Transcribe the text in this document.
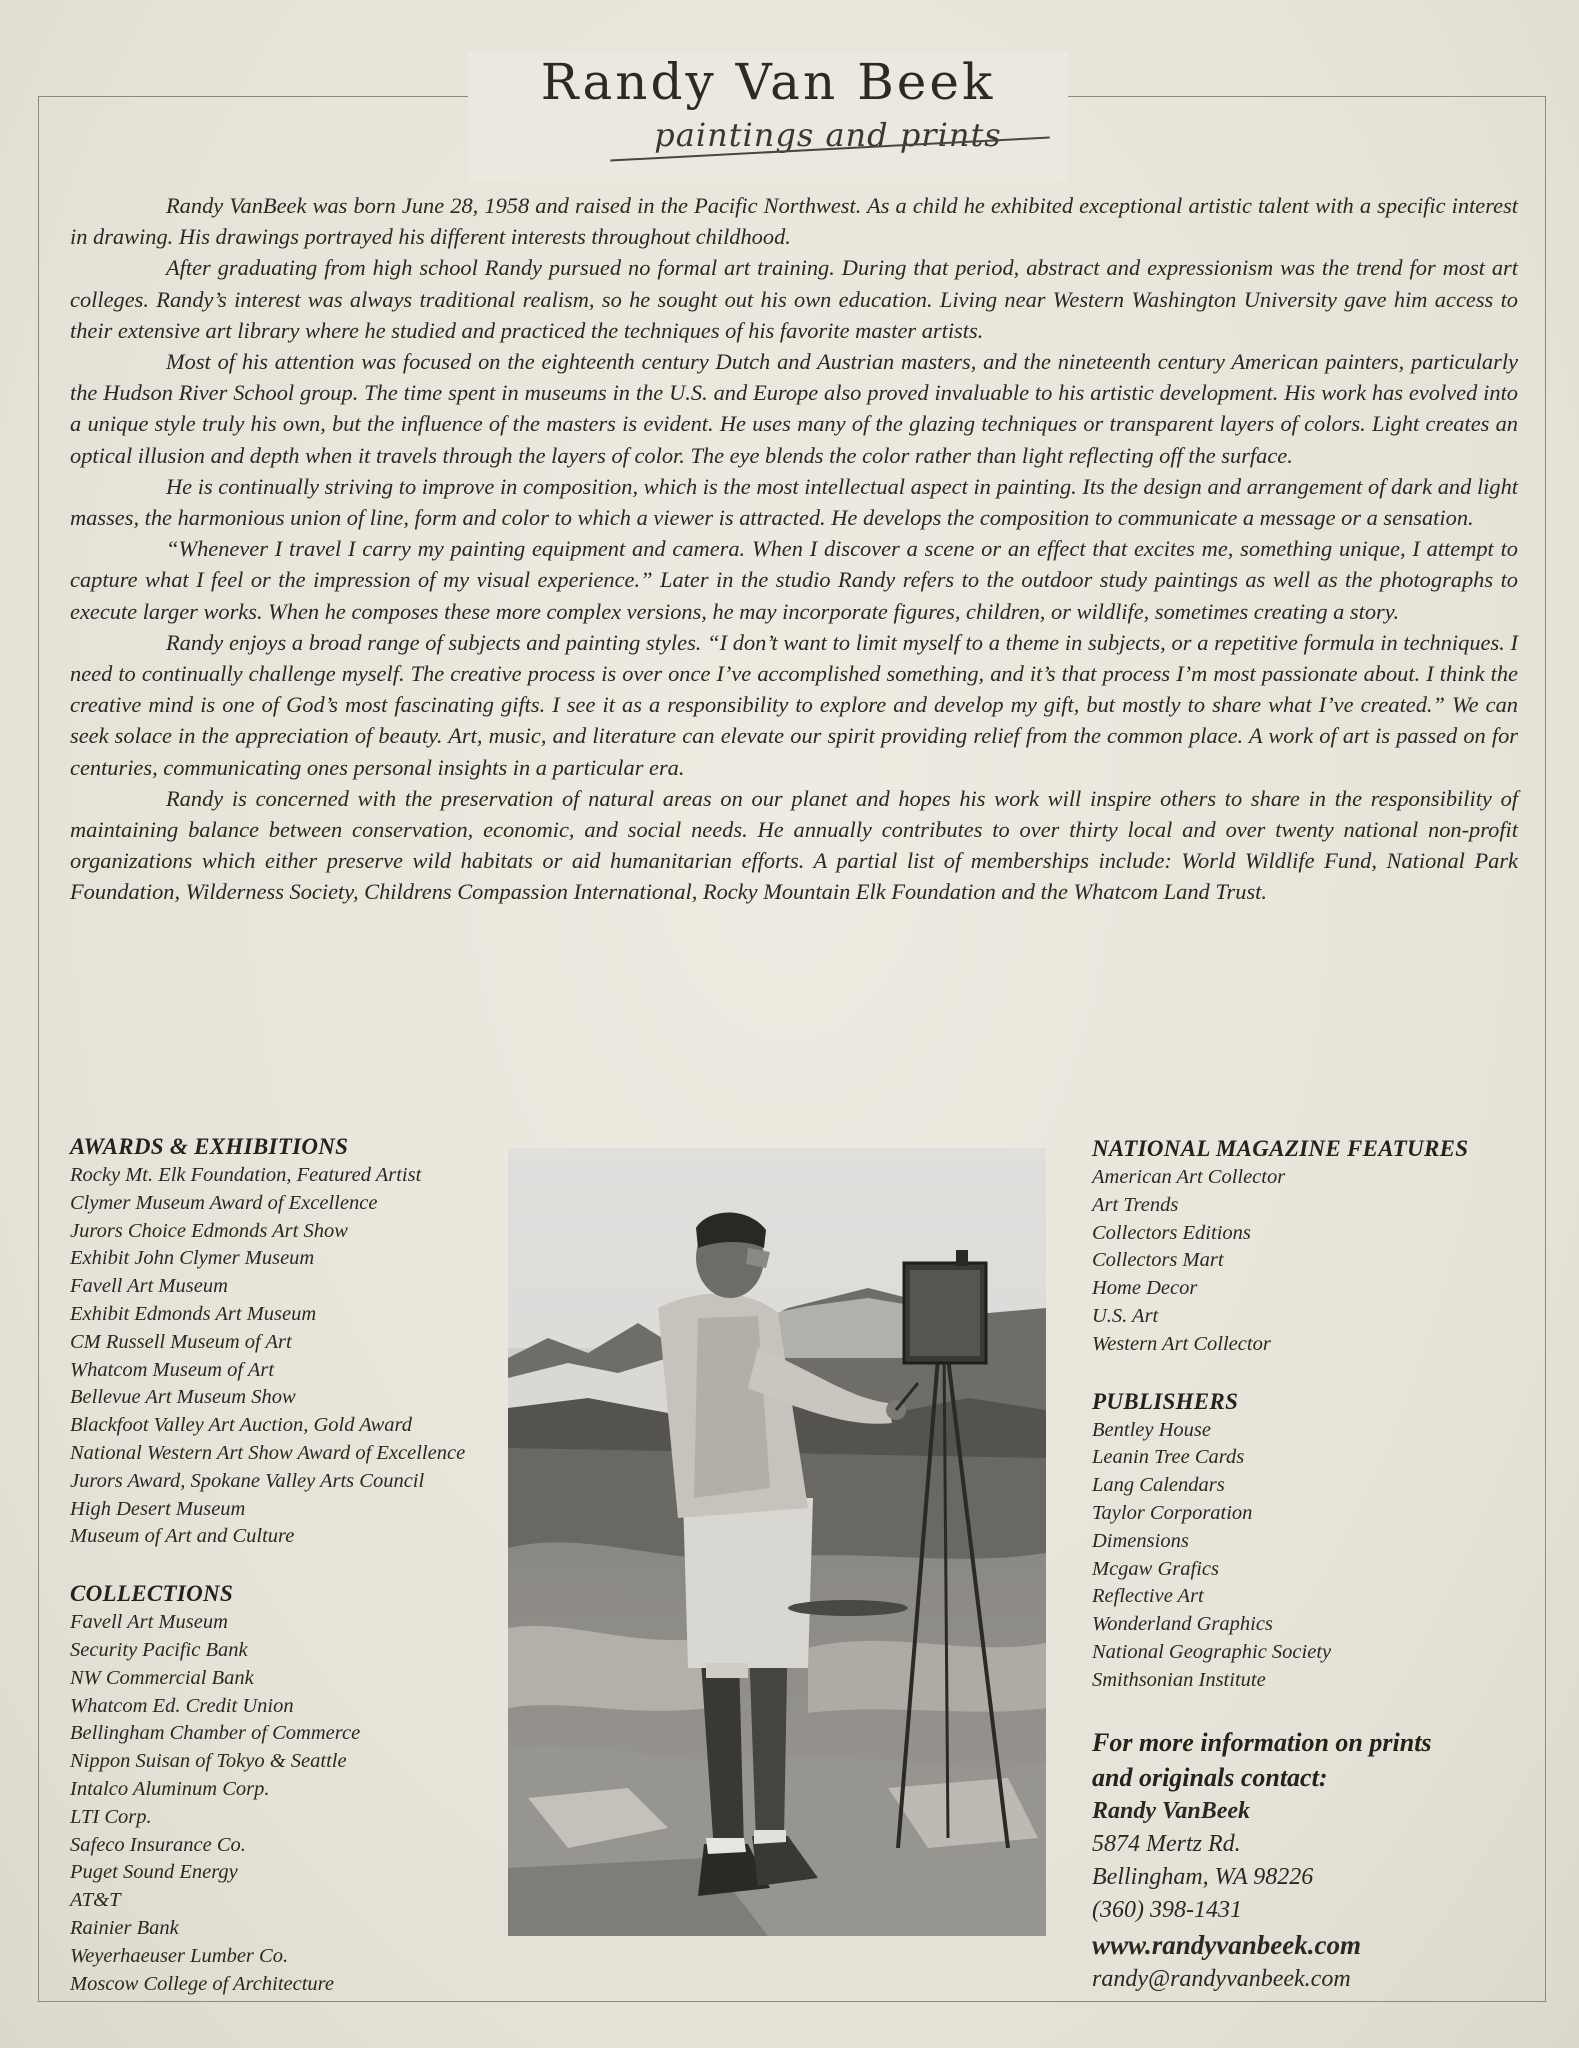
Randy Van Beek
paintings and prints

Randy VanBeek was born June 28, 1958 and raised in the Pacific Northwest. As a child he exhibited exceptional artistic talent with a specific interest in drawing. His drawings portrayed his different interests throughout childhood.

After graduating from high school Randy pursued no formal art training. During that period, abstract and expressionism was the trend for most art colleges. Randy’s interest was always traditional realism, so he sought out his own education. Living near Western Washington University gave him access to their extensive art library where he studied and practiced the techniques of his favorite master artists.

Most of his attention was focused on the eighteenth century Dutch and Austrian masters, and the nineteenth century American painters, particularly the Hudson River School group. The time spent in museums in the U.S. and Europe also proved invaluable to his artistic development. His work has evolved into a unique style truly his own, but the influence of the masters is evident. He uses many of the glazing techniques or transparent layers of colors. Light creates an optical illusion and depth when it travels through the layers of color. The eye blends the color rather than light reflecting off the surface.

He is continually striving to improve in composition, which is the most intellectual aspect in painting. Its the design and arrangement of dark and light masses, the harmonious union of line, form and color to which a viewer is attracted. He develops the composition to communicate a message or a sensation.

“Whenever I travel I carry my painting equipment and camera. When I discover a scene or an effect that excites me, something unique, I attempt to capture what I feel or the impression of my visual experience.” Later in the studio Randy refers to the outdoor study paintings as well as the photographs to execute larger works. When he composes these more complex versions, he may incorporate figures, children, or wildlife, sometimes creating a story.

Randy enjoys a broad range of subjects and painting styles. “I don’t want to limit myself to a theme in subjects, or a repetitive formula in techniques. I need to continually challenge myself. The creative process is over once I’ve accomplished something, and it’s that process I’m most passionate about. I think the creative mind is one of God’s most fascinating gifts. I see it as a responsibility to explore and develop my gift, but mostly to share what I’ve created.” We can seek solace in the appreciation of beauty. Art, music, and literature can elevate our spirit providing relief from the common place. A work of art is passed on for centuries, communicating ones personal insights in a particular era.

Randy is concerned with the preservation of natural areas on our planet and hopes his work will inspire others to share in the responsibility of maintaining balance between conservation, economic, and social needs. He annually contributes to over thirty local and over twenty national non-profit organizations which either preserve wild habitats or aid humanitarian efforts. A partial list of memberships include: World Wildlife Fund, National Park Foundation, Wilderness Society, Childrens Compassion International, Rocky Mountain Elk Foundation and the Whatcom Land Trust.

AWARDS & EXHIBITIONS
Rocky Mt. Elk Foundation, Featured Artist
Clymer Museum Award of Excellence
Jurors Choice Edmonds Art Show
Exhibit John Clymer Museum
Favell Art Museum
Exhibit Edmonds Art Museum
CM Russell Museum of Art
Whatcom Museum of Art
Bellevue Art Museum Show
Blackfoot Valley Art Auction, Gold Award
National Western Art Show Award of Excellence
Jurors Award, Spokane Valley Arts Council
High Desert Museum
Museum of Art and Culture
COLLECTIONS
Favell Art Museum
Security Pacific Bank
NW Commercial Bank
Whatcom Ed. Credit Union
Bellingham Chamber of Commerce
Nippon Suisan of Tokyo & Seattle
Intalco Aluminum Corp.
LTI Corp.
Safeco Insurance Co.
Puget Sound Energy
AT&T
Rainier Bank
Weyerhaeuser Lumber Co.
Moscow College of Architecture
NATIONAL MAGAZINE FEATURES
American Art Collector
Art Trends
Collectors Editions
Collectors Mart
Home Decor
U.S. Art
Western Art Collector
PUBLISHERS
Bentley House
Leanin Tree Cards
Lang Calendars
Taylor Corporation
Dimensions
Mcgaw Grafics
Reflective Art
Wonderland Graphics
National Geographic Society
Smithsonian Institute
For more information on prints
and originals contact:
Randy VanBeek
5874 Mertz Rd.
Bellingham, WA 98226
(360) 398-1431
www.randyvanbeek.com
randy@randyvanbeek.com
